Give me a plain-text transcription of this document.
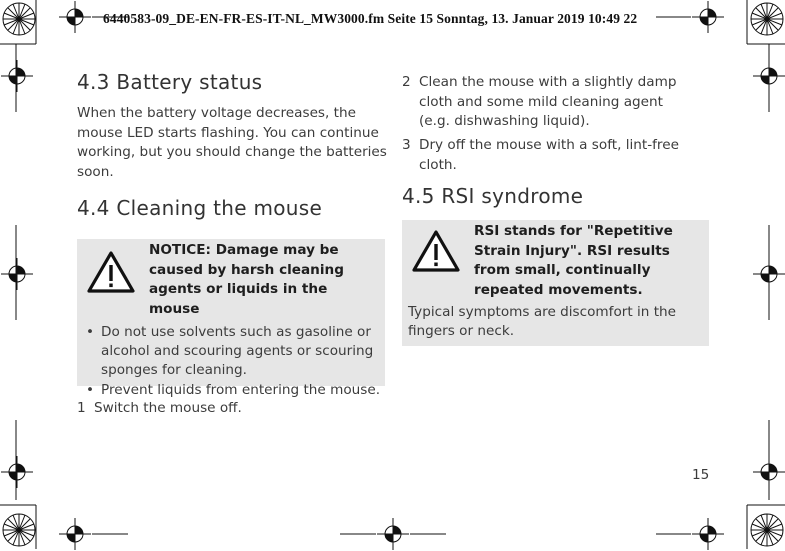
6440583-09_DE-EN-FR-ES-IT-NL_MW3000.fm Seite 15 Sonntag, 13. Januar 2019 10:49 22
4.3 Battery status

When the battery voltage decreases, the mouse LED starts flashing. You can continue working, but you should change the batteries soon.

4.4 Cleaning the mouse
NOTICE: Damage may be caused by harsh cleaning agents or liquids in the mouse
• Do not use solvents such as gasoline or alcohol and scouring agents or scouring sponges for cleaning.
• Prevent liquids from entering the mouse.
1 Switch the mouse off.
2 Clean the mouse with a slightly damp cloth and some mild cleaning agent (e.g. dishwashing liquid).
3 Dry off the mouse with a soft, lint-free cloth.
4.5 RSI syndrome
RSI stands for "Repetitive Strain Injury". RSI results from small, continually repeated movements.

Typical symptoms are discomfort in the fingers or neck.

15
